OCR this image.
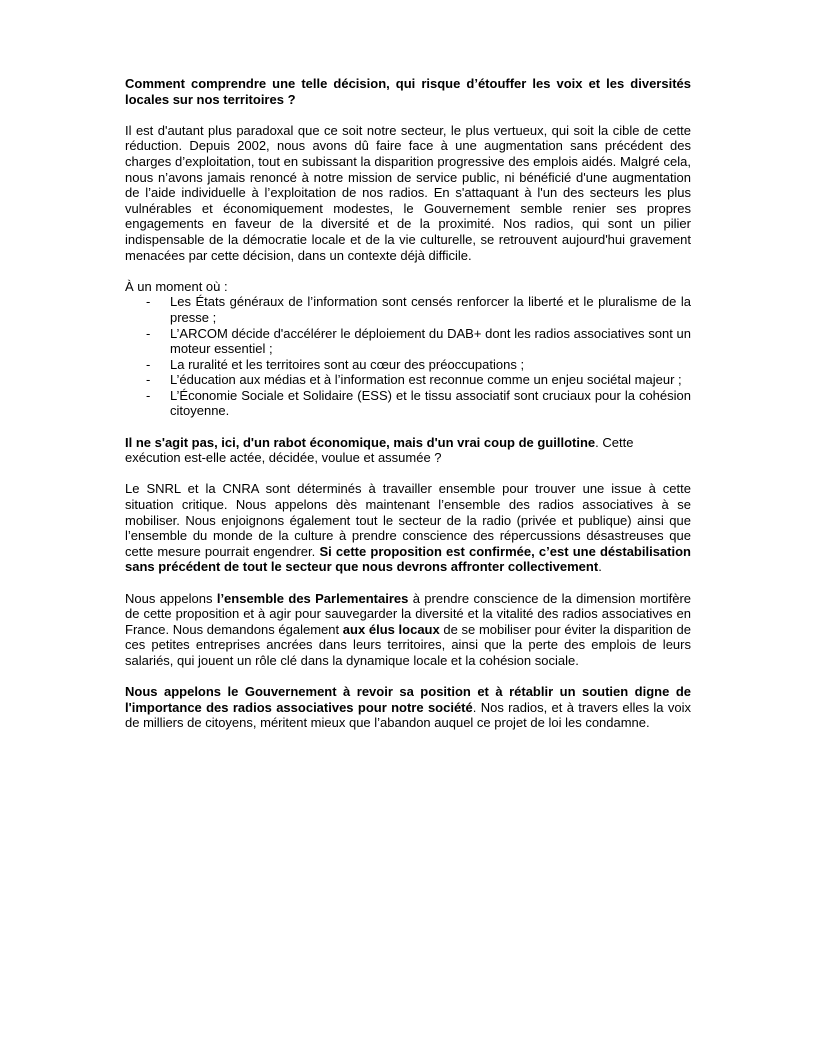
Comment comprendre une telle décision, qui risque d’étouffer les voix et les diversités locales sur nos territoires ?

Il est d'autant plus paradoxal que ce soit notre secteur, le plus vertueux, qui soit la cible de cette réduction. Depuis 2002, nous avons dû faire face à une augmentation sans précédent des charges d’exploitation, tout en subissant la disparition progressive des emplois aidés. Malgré cela, nous n’avons jamais renoncé à notre mission de service public, ni bénéficié d'une augmentation de l’aide individuelle à l’exploitation de nos radios. En s'attaquant à l'un des secteurs les plus vulnérables et économiquement modestes, le Gouvernement semble renier ses propres engagements en faveur de la diversité et de la proximité. Nos radios, qui sont un pilier indispensable de la démocratie locale et de la vie culturelle, se retrouvent aujourd'hui gravement menacées par cette décision, dans un contexte déjà difficile.

À un moment où :

- Les États généraux de l’information sont censés renforcer la liberté et le pluralisme de la presse ;
- L’ARCOM décide d'accélérer le déploiement du DAB+ dont les radios associatives sont un moteur essentiel ;
- La ruralité et les territoires sont au cœur des préoccupations ;
- L’éducation aux médias et à l’information est reconnue comme un enjeu sociétal majeur ;
- L’Économie Sociale et Solidaire (ESS) et le tissu associatif sont cruciaux pour la cohésion citoyenne.

Il ne s'agit pas, ici, d'un rabot économique, mais d'un vrai coup de guillotine. Cette exécution est-elle actée, décidée, voulue et assumée ?

Le SNRL et la CNRA sont déterminés à travailler ensemble pour trouver une issue à cette situation critique. Nous appelons dès maintenant l’ensemble des radios associatives à se mobiliser. Nous enjoignons également tout le secteur de la radio (privée et publique) ainsi que l’ensemble du monde de la culture à prendre conscience des répercussions désastreuses que cette mesure pourrait engendrer. Si cette proposition est confirmée, c’est une déstabilisation sans précédent de tout le secteur que nous devrons affronter collectivement.

Nous appelons l’ensemble des Parlementaires à prendre conscience de la dimension mortifère de cette proposition et à agir pour sauvegarder la diversité et la vitalité des radios associatives en France. Nous demandons également aux élus locaux de se mobiliser pour éviter la disparition de ces petites entreprises ancrées dans leurs territoires, ainsi que la perte des emplois de leurs salariés, qui jouent un rôle clé dans la dynamique locale et la cohésion sociale.

Nous appelons le Gouvernement à revoir sa position et à rétablir un soutien digne de l'importance des radios associatives pour notre société. Nos radios, et à travers elles la voix de milliers de citoyens, méritent mieux que l’abandon auquel ce projet de loi les condamne.
